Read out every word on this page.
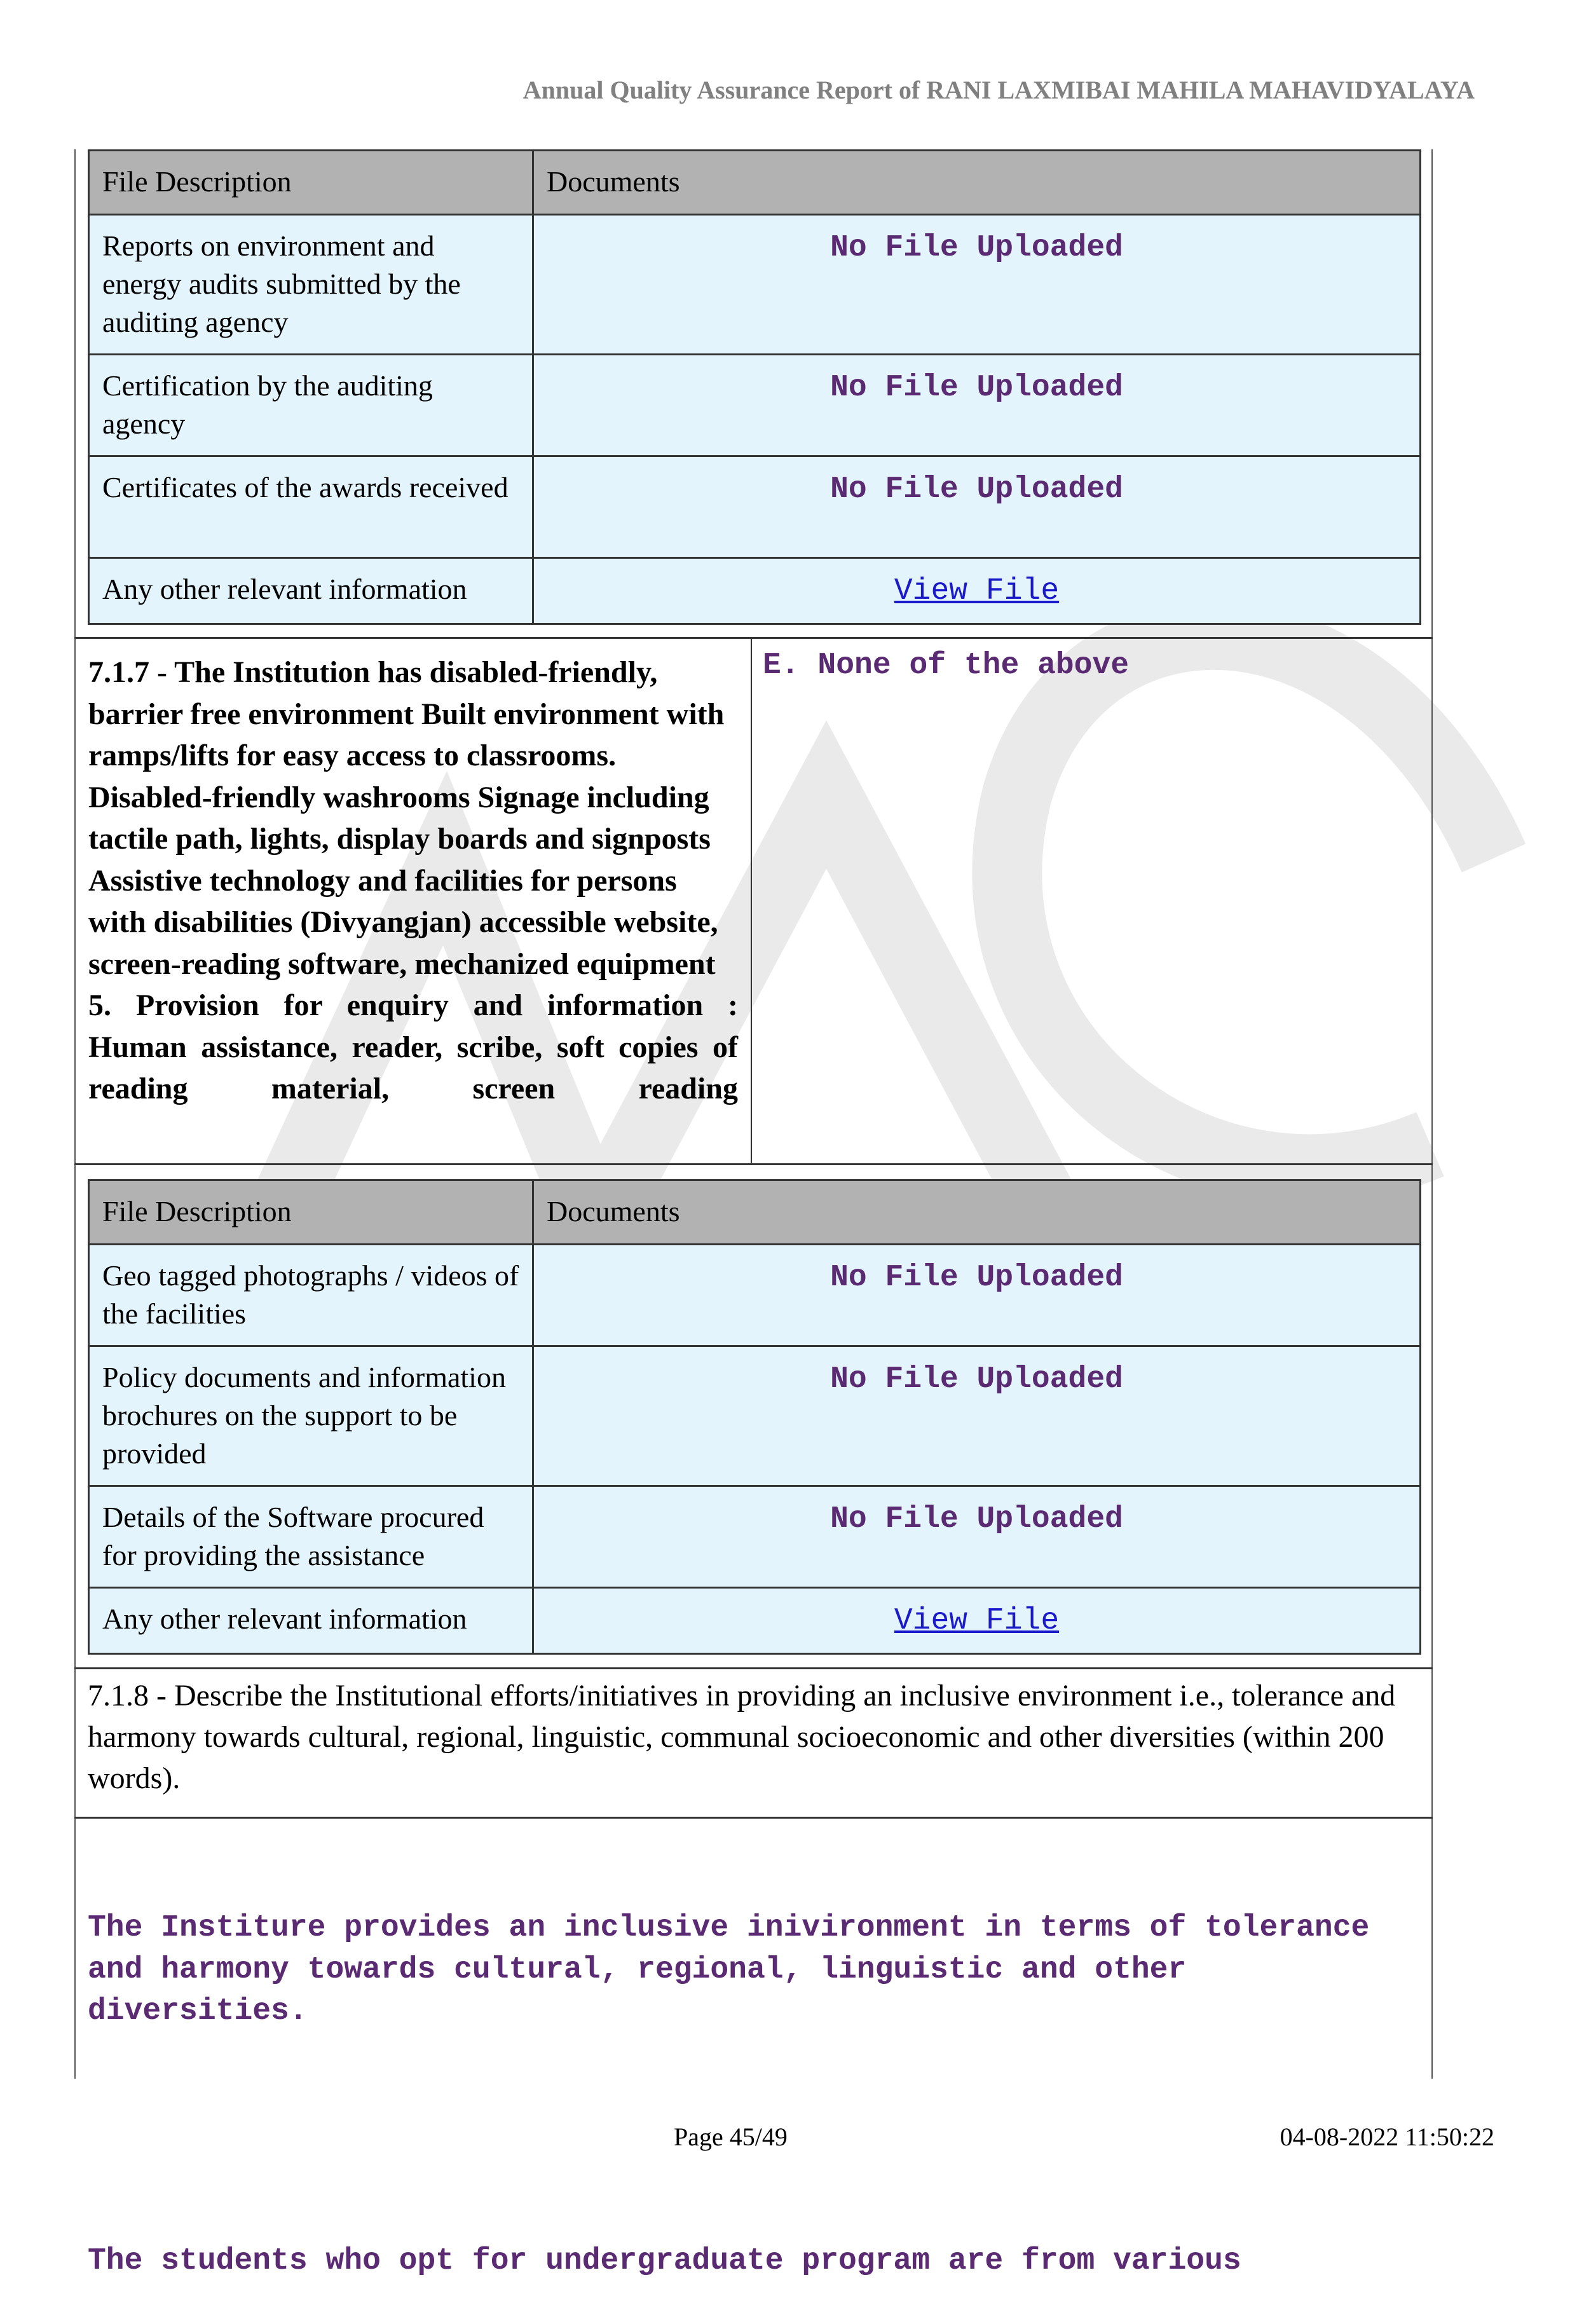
Annual Quality Assurance Report of RANI LAXMIBAI MAHILA MAHAVIDYALAYA
File Description	Documents
Reports on environment and energy audits submitted by the auditing agency	No File Uploaded
Certification by the auditing agency	No File Uploaded
Certificates of the awards received	No File Uploaded
Any other relevant information	View File

7.1.7 - The Institution has disabled-friendly, barrier free environment Built environment with ramps/lifts for easy access to classrooms. Disabled-friendly washrooms Signage including tactile path, lights, display boards and signposts Assistive technology and facilities for persons with disabilities (Divyangjan) accessible website, screen-reading software, mechanized equipment

5. Provision for enquiry and information : Human assistance, reader, scribe, soft copies of reading material, screen reading

E. None of the above
File Description	Documents
Geo tagged photographs / videos of the facilities	No File Uploaded
Policy documents and information brochures on the support to be provided	No File Uploaded
Details of the Software procured for providing the assistance	No File Uploaded
Any other relevant information	View File
7.1.8 - Describe the Institutional efforts/initiatives in providing an inclusive environment i.e., tolerance and harmony towards cultural, regional, linguistic, communal socioeconomic and other diversities (within 200 words).

The Institure provides an inclusive inivironment in terms of tolerance and harmony towards cultural, regional, linguistic and other diversities.

The students who opt for undergraduate program are from various

Page 45/49	04-08-2022 11:50:22
